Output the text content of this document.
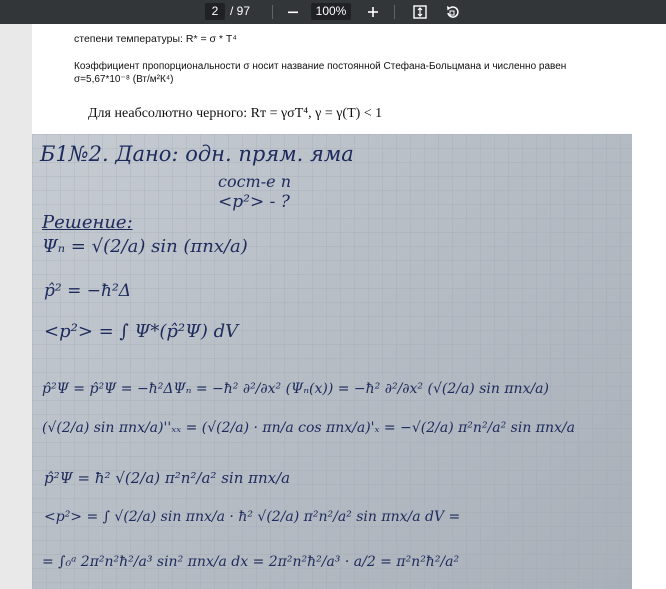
2 / 97	100%
степени температуры: R* = σ * T⁴
Коэффициент пропорциональности σ носит название постоянной Стефана-Больцмана и численно равен σ=5,67*10⁻⁸ (Вт/м²К⁴)
Для неабсолютно черного: Rᴛ = γσT⁴, γ = γ(T) < 1
Б1№2. Дано: одн. прям. яма
сост-е n
<p²> - ?
Решение:
Ψₙ = √(2/a) sin (πnx/a)
p̂² = −ħ²Δ
<p²> = ∫ Ψ*(p̂²Ψ) dV
p̂²Ψ = p̂²Ψ = −ħ²ΔΨₙ = −ħ² ∂²/∂x² (Ψₙ(x)) = −ħ² ∂²/∂x² (√(2/a) sin πnx/a)
(√(2/a) sin πnx/a)''ₓₓ = (√(2/a) · πn/a cos πnx/a)'ₓ = −√(2/a) π²n²/a² sin πnx/a
p̂²Ψ = ħ² √(2/a) π²n²/a² sin πnx/a
<p²> = ∫ √(2/a) sin πnx/a · ħ² √(2/a) π²n²/a² sin πnx/a dV =
= ∫₀ᵃ 2π²n²ħ²/a³ sin² πnx/a dx = 2π²n²ħ²/a³ · a/2 = π²n²ħ²/a²
